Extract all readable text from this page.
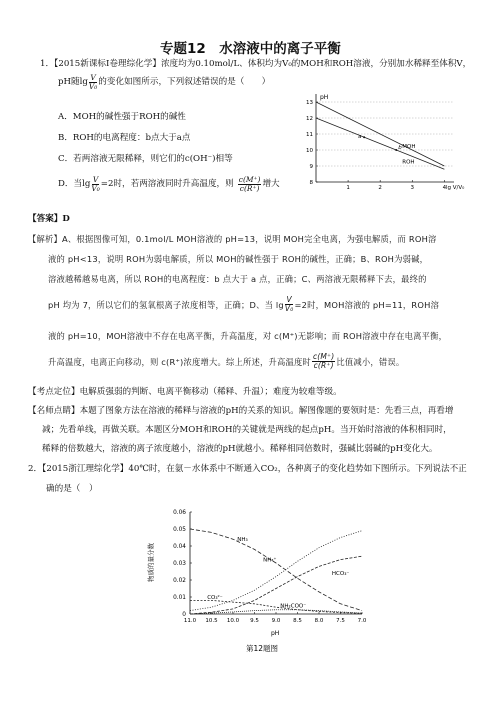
专题12　水溶液中的离子平衡
1．【2015新课标Ⅰ卷理综化学】浓度均为0.10mol/L、体积均为V₀的MOH和ROH溶液，分别加水稀释至体积V，
pH随$\lg \frac{V}{\text{V₀}}$ 的变化如图所示，下列叙述错误的是（　　）
A．MOH的碱性强于ROH的碱性
B．ROH的电离程度：b点大于a点
C．若两溶液无限稀释，则它们的c(OH⁻)相等
D．当$\lg \frac{V}{\text{V₀}} =2$时，若两溶液同时升高温度，则 $\frac{c(M^+)}{c(R^+)}$ 增大
pH
lg V/V₀
8
9
10
11
12
13
1	2	3	4
MOH
ROH
a
b
【答案】D
【解析】A、根据图像可知，0.1mol/L MOH溶液的 pH=13，说明 MOH完全电离，为强电解质，而 ROH溶
液的 pH<13，说明 ROH为弱电解质，所以 MOH的碱性强于 ROH的碱性，正确；B、ROH为弱碱，
溶液越稀越易电离，所以 ROH的电离程度：b 点大于 a 点，正确；C、两溶液无限稀释下去，最终的
pH 均为 7，所以它们的氢氧根离子浓度相等，正确；D、当 $\lg \frac{V}{\text{V₀}} =2$时，MOH溶液的 pH=11，ROH溶
液的 pH=10，MOH溶液中不存在电离平衡，升高温度，对 c(M⁺)无影响；而 ROH溶液中存在电离平衡，
升高温度，电离正向移动，则 c(R⁺)浓度增大。综上所述，升高温度时 $\frac{c(M^+)}{c(R^+)}$ 比值减小，错误。
【考点定位】电解质强弱的判断、电离平衡移动（稀释、升温）；难度为较难等级。
【名师点睛】本题了图象方法在溶液的稀释与溶液的pH的关系的知识。解图像题的要领时是：先看三点，再看增
减；先看单线，再做关联。本题区分MOH和ROH的关键就是两线的起点pH。当开始时溶液的体积相同时，
稀释的倍数越大，溶液的离子浓度越小，溶液的pH就越小。稀释相同倍数时，强碱比弱碱的pH变化大。
2．【2015浙江理综化学】40℃时，在氨－水体系中不断通入CO₂，各种离子的变化趋势如下图所示。下列说法不正
确的是（　）
物质的量分数
pH
0
0.01
0.02
0.03
0.04
0.05
0.06
11.0 10.5 10.0 9.5 9.0 8.5 8.0 7.5 7.0
NH₃
NH₄⁺
HCO₃⁻
CO₃²⁻
NH₂COO⁻
第12题图
